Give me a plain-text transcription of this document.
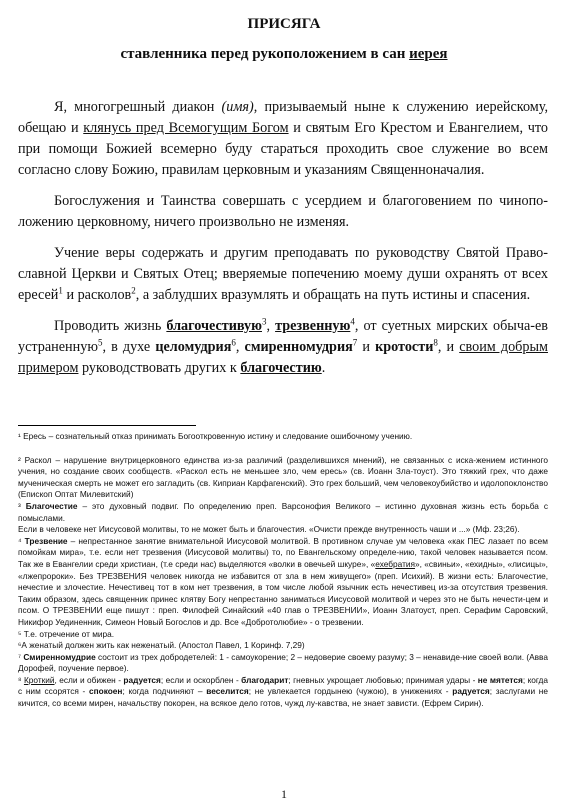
ПРИСЯГА
ставленника перед рукоположением в сан иерея

Я, многогрешный диакон (имя), призываемый ныне к служению иерейскому, обещаю и клянусь пред Всемогущим Богом и святым Его Крестом и Евангелием, что при помощи Божией всемерно буду стараться проходить свое служение во всем согласно слову Божию, правилам церковным и указаниям Священноначалия.

Богослужения и Таинства совершать с усердием и благоговением по чинопо-ложению церковному, ничего произвольно не изменяя.

Учение веры содержать и другим преподавать по руководству Святой Право-славной Церкви и Святых Отец; вверяемые попечению моему души охранять от всех ересей$^1$ и расколов$^2$, а заблудших вразумлять и обращать на путь истины и спасения.

Проводить жизнь благочестивую$^3$, трезвенную$^4$, от суетных мирских обыча-ев устраненную$^5$, в духе целомудрия$^6$, смиренномудрия$^7$ и кротости$^8$, и своим добрым примером руководствовать других к благочестию.

¹ Ересь – сознательный отказ принимать Богооткровенную истину и следование ошибочному учению.

² Раскол – нарушение внутрицерковного единства из-за различий (разделившихся мнений), не связанных с иска-жением истинного учения, но создание своих сообществ. «Раскол есть не меньшее зло, чем ересь» (св. Иоанн Зла-тоуст). Это тяжкий грех, что даже мученическая смерть не может его загладить (св. Киприан Карфагенский). Это грех больший, чем человекоубийство и идолопоклонство (Епископ Оптат Милевитский)

³ Благочестие – это духовный подвиг. По определению преп. Варсонофия Великого – истинно духовная жизнь есть борьба с помыслами.

Если в человеке нет Иисусовой молитвы, то не может быть и благочестия. «Очисти прежде внутренность чаши и ...» (Мф. 23;26).

⁴ Трезвение – непрестанное занятие внимательной Иисусовой молитвой. В противном случае ум человека «как ПЕС лазает по всем помойкам мира», т.е. если нет трезвения (Иисусовой молитвы) то, по Евангельскому определе-нию, такой человек называется псом. Так же в Евангелии среди христиан, (т.е среди нас) выделяются «волки в овечьей шкуре», «ехебратия», «свиньи», «ехидны», «лисицы», «лжепророки». Без ТРЕЗВЕНИЯ человек никогда не избавится от зла в нем живущего» (преп. Исихий). В жизни есть: Благочестие, нечестие и злочестие. Нечестивец тот в ком нет трезвения, в том числе любой язычник есть нечестивец из-за отсутствия трезвения. Таким образом, здесь священник принес клятву Богу непрестанно заниматься Иисусовой молитвой и через это не быть нечести-цем и псом. О ТРЕЗВЕНИИ еще пишут : преп. Филофей Синайский «40 глав о ТРЕЗВЕНИИ», Иоанн Златоуст, преп. Серафим Саровский, Никифор Уединенник, Симеон Новый Богослов и др. Все «Добротолюбие» - о трезвении.

⁵ Т.е. отречение от мира.

⁶А женатый должен жить как неженатый. (Апостол Павел, 1 Коринф. 7,29)

⁷ Смиренномудрие состоит из трех добродетелей: 1 - самоукорение; 2 – недоверие своему разуму; 3 – ненавиде-ние своей воли. (Авва Дорофей, поучение первое).

⁸ Кроткий, если и обижен - радуется; если и оскорблен - благодарит; гневных укрощает любовью; принимая удары - не мятется; когда с ним ссорятся - спокоен; когда подчиняют – веселится; не увлекается гордынею (чужою), в унижениях - радуется; заслугами не кичится, со всеми мирен, начальству покорен, на всякое дело готов, чужд лу-кавства, не знает зависти. (Ефрем Сирин).

1
